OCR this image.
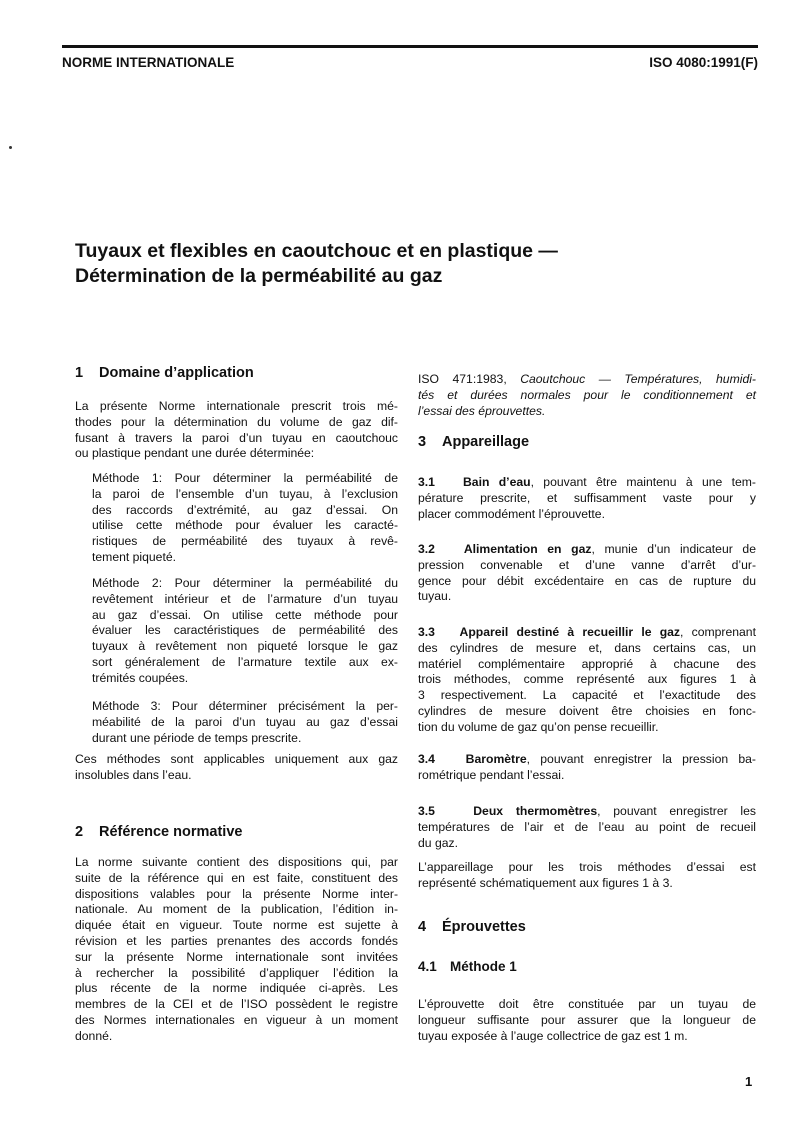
NORME INTERNATIONALE	ISO 4080:1991(F)
Tuyaux et flexibles en caoutchouc et en plastique —
Détermination de la perméabilité au gaz
1 Domaine d’application
La présente Norme internationale prescrit trois mé-
thodes pour la détermination du volume de gaz dif-
fusant à travers la paroi d’un tuyau en caoutchouc
ou plastique pendant une durée déterminée:
Méthode 1: Pour déterminer la perméabilité de
la paroi de l’ensemble d’un tuyau, à l’exclusion
des raccords d’extrémité, au gaz d’essai. On
utilise cette méthode pour évaluer les caracté-
ristiques de perméabilité des tuyaux à revê-
tement piqueté.
Méthode 2: Pour déterminer la perméabilité du
revêtement intérieur et de l’armature d’un tuyau
au gaz d’essai. On utilise cette méthode pour
évaluer les caractéristiques de perméabilité des
tuyaux à revêtement non piqueté lorsque le gaz
sort généralement de l’armature textile aux ex-
trémités coupées.
Méthode 3: Pour déterminer précisément la per-
méabilité de la paroi d’un tuyau au gaz d’essai
durant une période de temps prescrite.
Ces méthodes sont applicables uniquement aux gaz
insolubles dans l’eau.
2 Référence normative
La norme suivante contient des dispositions qui, par
suite de la référence qui en est faite, constituent des
dispositions valables pour la présente Norme inter-
nationale. Au moment de la publication, l’édition in-
diquée était en vigueur. Toute norme est sujette à
révision et les parties prenantes des accords fondés
sur la présente Norme internationale sont invitées
à rechercher la possibilité d’appliquer l’édition la
plus récente de la norme indiquée ci-après. Les
membres de la CEI et de l’ISO possèdent le registre
des Normes internationales en vigueur à un moment
donné.
ISO 471:1983, Caoutchouc — Températures, humidi-
tés et durées normales pour le conditionnement et
l’essai des éprouvettes.
3 Appareillage
3.1 Bain d’eau, pouvant être maintenu à une tem-
pérature prescrite, et suffisamment vaste pour y
placer commodément l’éprouvette.
3.2 Alimentation en gaz, munie d’un indicateur de
pression convenable et d’une vanne d’arrêt d’ur-
gence pour débit excédentaire en cas de rupture du
tuyau.
3.3 Appareil destiné à recueillir le gaz, comprenant
des cylindres de mesure et, dans certains cas, un
matériel complémentaire approprié à chacune des
trois méthodes, comme représenté aux figures 1 à
3 respectivement. La capacité et l’exactitude des
cylindres de mesure doivent être choisies en fonc-
tion du volume de gaz qu’on pense recueillir.
3.4	Baromètre, pouvant enregistrer la pression ba-
rométrique pendant l’essai.
3.5	Deux thermomètres, pouvant enregistrer les
températures de l’air et de l’eau au point de recueil
du gaz.
L’appareillage pour les trois méthodes d’essai est
représenté schématiquement aux figures 1 à 3.
4 Éprouvettes
4.1 Méthode 1
L’éprouvette doit être constituée par un tuyau de
longueur suffisante pour assurer que la longueur de
tuyau exposée à l’auge collectrice de gaz est 1 m.
1
